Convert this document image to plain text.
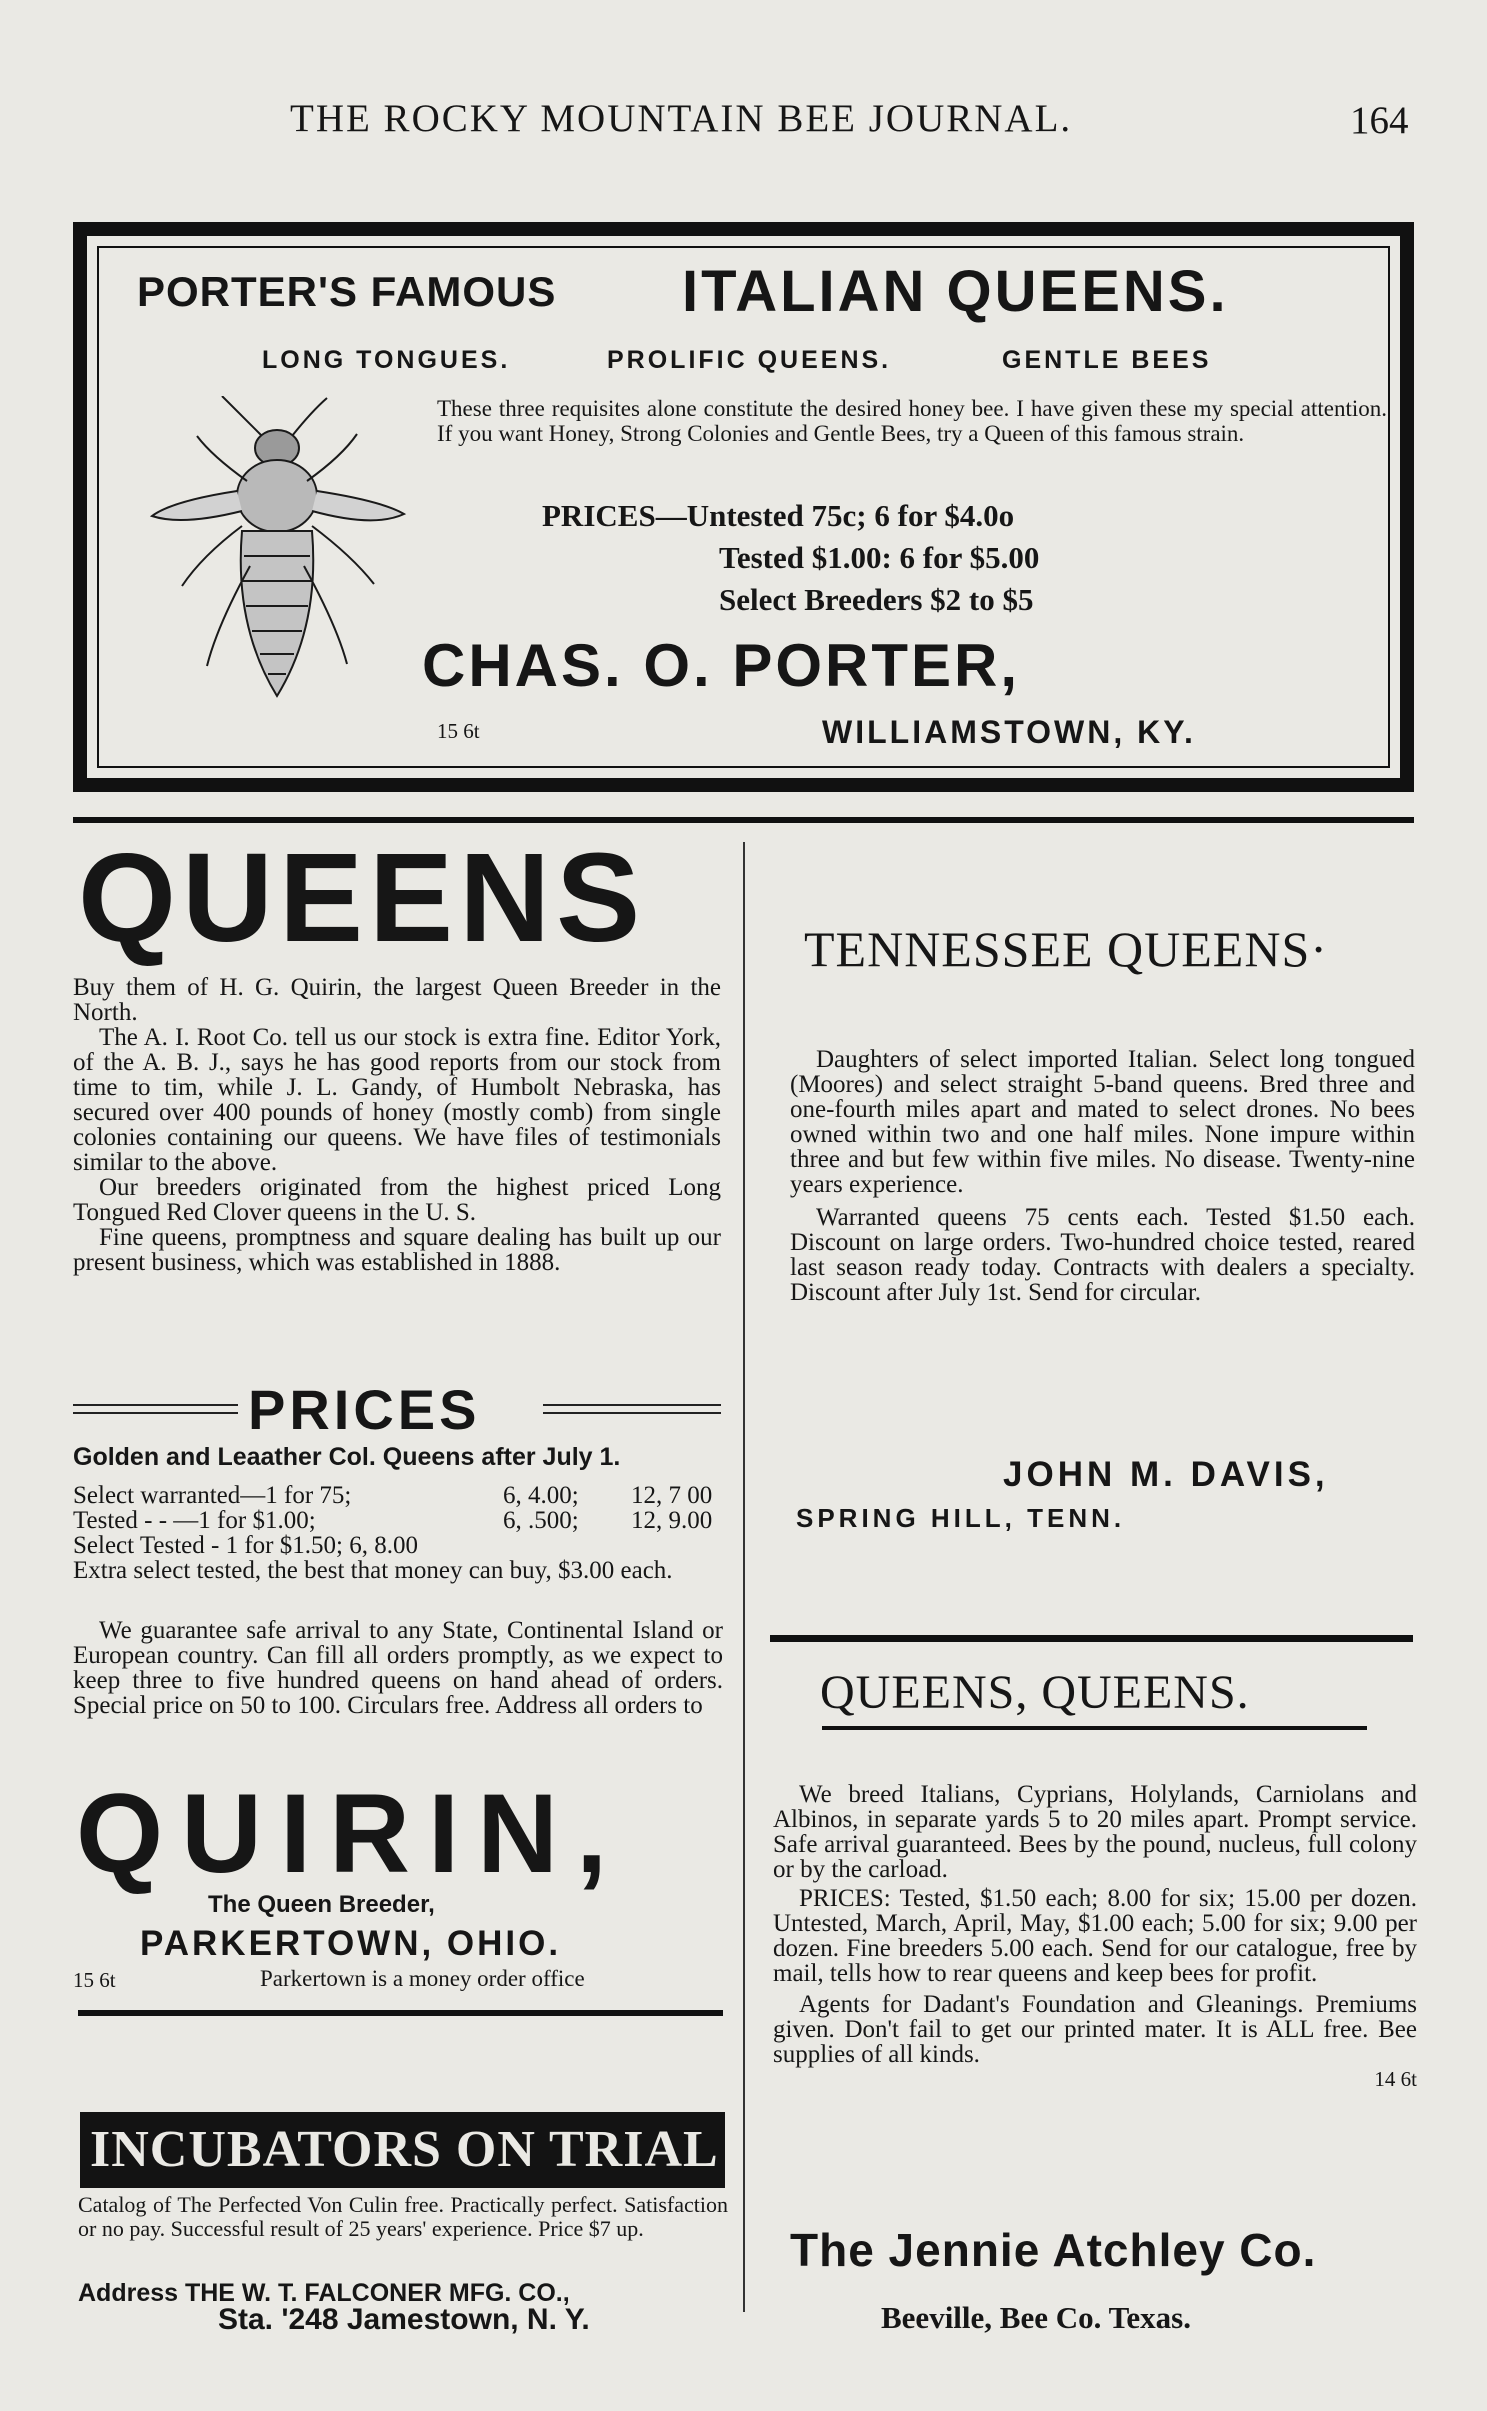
THE ROCKY MOUNTAIN BEE JOURNAL.	164
PORTER'S FAMOUS ITALIAN QUEENS.
LONG TONGUES.	PROLIFIC QUEENS.	GENTLE BEES
These three requisites alone constitute the desired honey bee. I have given these my special attention. If you want Honey, Strong Colonies and Gentle Bees, try a Queen of this famous strain.
PRICES—Untested 75c; 6 for $4.0o
Tested $1.00: 6 for $5.00
Select Breeders $2 to $5
CHAS. O. PORTER,
15 6t	WILLIAMSTOWN, KY.
QUEENS

Buy them of H. G. Quirin, the largest Queen Breeder in the North.

The A. I. Root Co. tell us our stock is extra fine. Editor York, of the A. B. J., says he has good reports from our stock from time to tim, while J. L. Gandy, of Humbolt Nebraska, has secured over 400 pounds of honey (mostly comb) from single colonies containing our queens. We have files of testimonials similar to the above.

Our breeders originated from the highest priced Long Tongued Red Clover queens in the U. S.

Fine queens, promptness and square dealing has built up our present business, which was established in 1888.

PRICES
Golden and Leaather Col. Queens after July 1.
Select warranted—1 for 75;	6, 4.00; 12, 7 00
Tested - - —1 for $1.00;	6, .500; 12, 9.00
Select Tested - 1 for $1.50; 6, 8.00

Extra select tested, the best that money can buy, $3.00 each.

We guarantee safe arrival to any State, Continental Island or European country. Can fill all orders promptly, as we expect to keep three to five hundred queens on hand ahead of orders. Special price on 50 to 100. Circulars free. Address all orders to

QUIRIN,
The Queen Breeder,
PARKERTOWN, OHIO.
15 6t	Parkertown is a money order office
INCUBATORS ON TRIAL
Catalog of The Perfected Von Culin free. Practically perfect. Satisfaction or no pay. Successful result of 25 years' experience. Price $7 up.
Address THE W. T. FALCONER MFG. CO.,
Sta. '248 Jamestown, N. Y.
TENNESSEE QUEENS·

Daughters of select imported Italian. Select long tongued (Moores) and select straight 5-band queens. Bred three and one-fourth miles apart and mated to select drones. No bees owned within two and one half miles. None impure within three and but few within five miles. No disease. Twenty-nine years experience.

Warranted queens 75 cents each. Tested $1.50 each. Discount on large orders. Two-hundred choice tested, reared last season ready today. Contracts with dealers a specialty. Discount after July 1st. Send for circular.

JOHN M. DAVIS,
SPRING HILL, TENN.
QUEENS, QUEENS.

We breed Italians, Cyprians, Holylands, Carniolans and Albinos, in separate yards 5 to 20 miles apart. Prompt service. Safe arrival guaranteed. Bees by the pound, nucleus, full colony or by the carload.

PRICES: Tested, $1.50 each; 8.00 for six; 15.00 per dozen. Untested, March, April, May, $1.00 each; 5.00 for six; 9.00 per dozen. Fine breeders 5.00 each. Send for our catalogue, free by mail, tells how to rear queens and keep bees for profit.

Agents for Dadant's Foundation and Gleanings. Premiums given. Don't fail to get our printed mater. It is ALL free. Bee supplies of all kinds.

14 6t
The Jennie Atchley Co.
Beeville, Bee Co. Texas.
